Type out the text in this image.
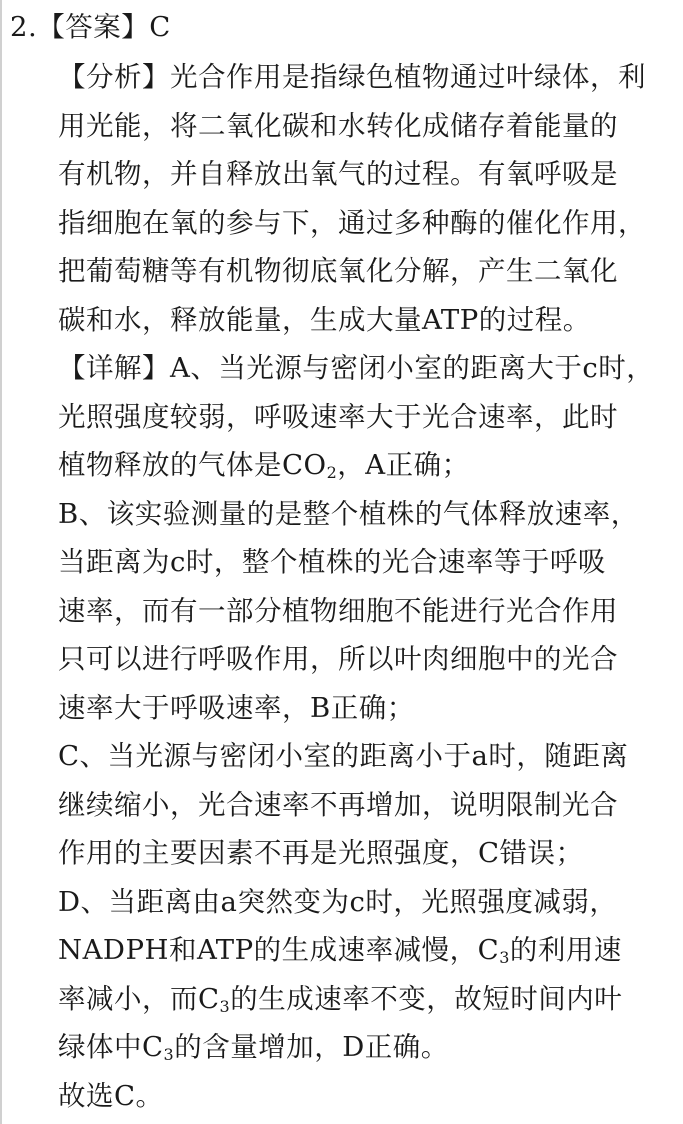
2.【答案】C
【分析】光合作用是指绿色植物通过叶绿体，利
用光能，将二氧化碳和水转化成储存着能量的
有机物，并自释放出氧气的过程。有氧呼吸是
指细胞在氧的参与下，通过多种酶的催化作用，
把葡萄糖等有机物彻底氧化分解，产生二氧化
碳和水，释放能量，生成大量ATP的过程。
【详解】A、当光源与密闭小室的距离大于c时，
光照强度较弱，呼吸速率大于光合速率，此时
植物释放的气体是$CO_2$，A正确；
B、该实验测量的是整个植株的气体释放速率，
当距离为c时，整个植株的光合速率等于呼吸
速率，而有一部分植物细胞不能进行光合作用
只可以进行呼吸作用，所以叶肉细胞中的光合
速率大于呼吸速率，B正确；
C、当光源与密闭小室的距离小于a时，随距离
继续缩小，光合速率不再增加，说明限制光合
作用的主要因素不再是光照强度，C错误；
D、当距离由a突然变为c时，光照强度减弱，
NADPH和ATP的生成速率减慢，$C_3$的利用速
率减小，而$C_3$的生成速率不变，故短时间内叶
绿体中$C_3$的含量增加，D正确。
故选C。
